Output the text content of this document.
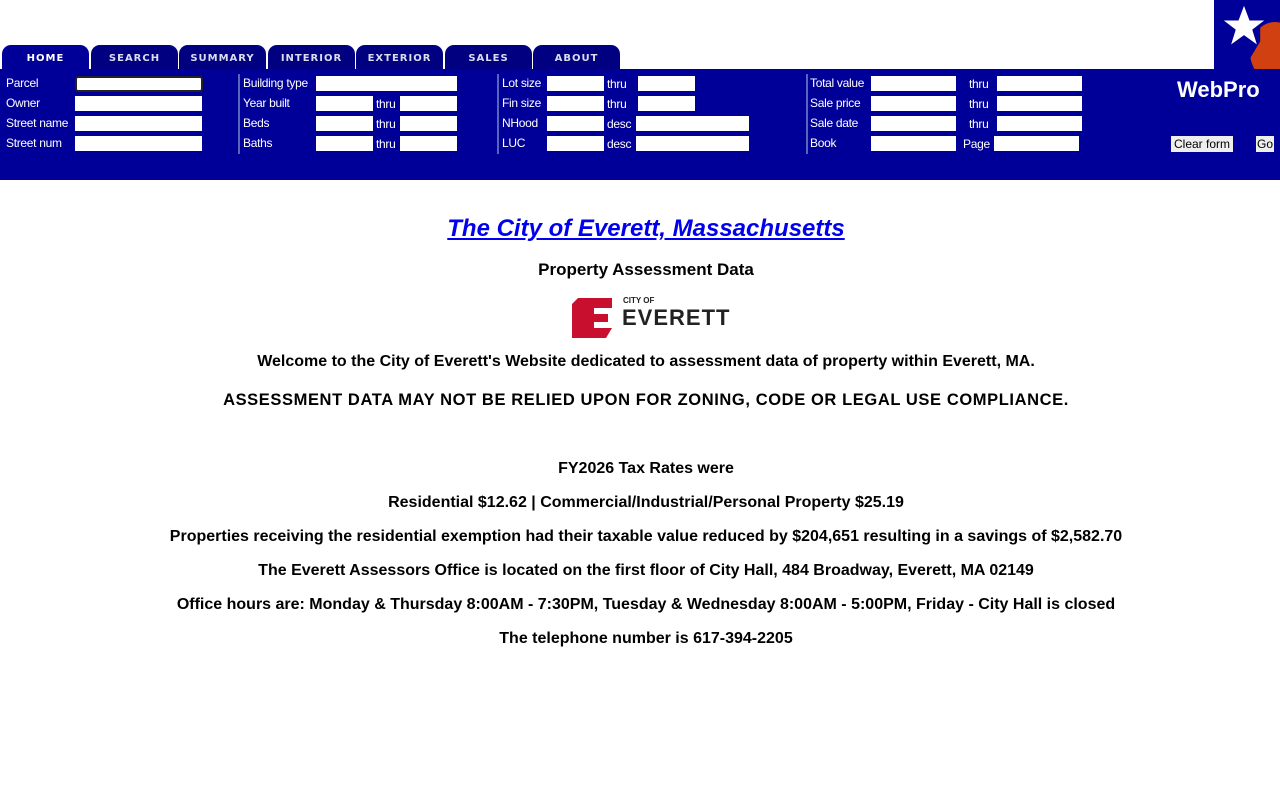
HOME	SEARCH	SUMMARY	INTERIOR	EXTERIOR	SALES	ABOUT
Parcel
Owner
Street name
Street num
Building type
Year built	thru
Beds	thru
Baths	thru
Lot size	thru
Fin size	thru
NHood	desc
LUC	desc
Total value	thru
Sale price	thru
Sale date	thru
Book	Page
WebPro
Clear form Go
The City of Everett, Massachusetts
Property Assessment Data
CITY OF
EVERETT
Welcome to the City of Everett's Website dedicated to assessment data of property within Everett, MA.
ASSESSMENT DATA MAY NOT BE RELIED UPON FOR ZONING, CODE OR LEGAL USE COMPLIANCE.
FY2026 Tax Rates were
Residential $12.62 | Commercial/Industrial/Personal Property $25.19
Properties receiving the residential exemption had their taxable value reduced by $204,651 resulting in a savings of $2,582.70
The Everett Assessors Office is located on the first floor of City Hall, 484 Broadway, Everett, MA 02149
Office hours are: Monday & Thursday 8:00AM - 7:30PM, Tuesday & Wednesday 8:00AM - 5:00PM, Friday - City Hall is closed
The telephone number is 617-394-2205
